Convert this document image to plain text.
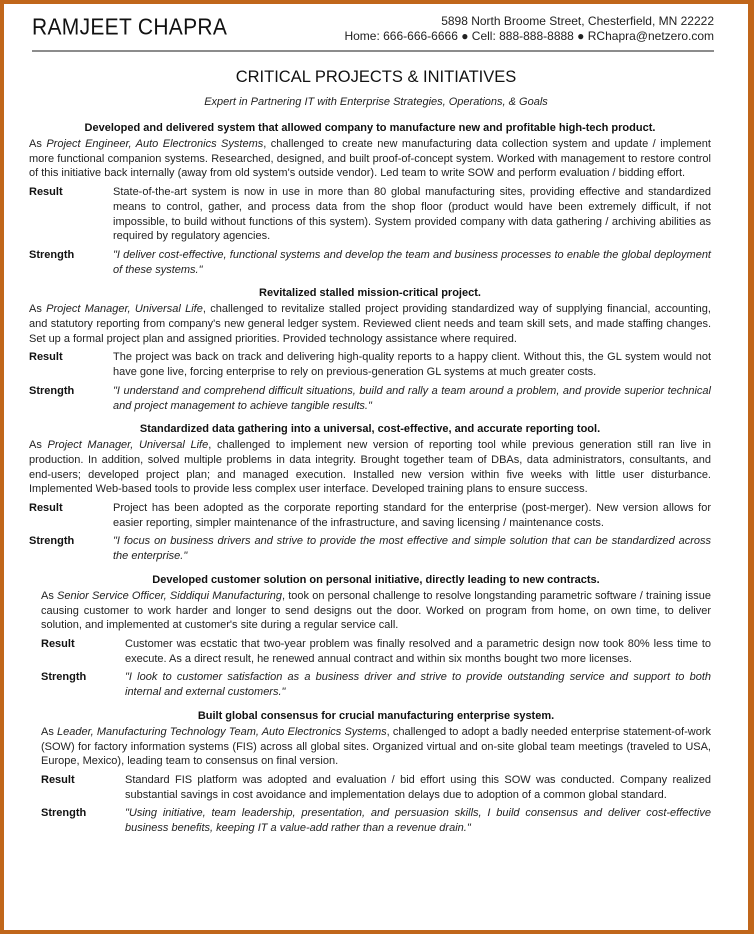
RAMJEET CHAPRA	5898 North Broome Street, Chesterfield, MN 22222
Home: 666-666-6666 ● Cell: 888-888-8888 ● RChapra@netzero.com
CRITICAL PROJECTS & INITIATIVES
Expert in Partnering IT with Enterprise Strategies, Operations, & Goals
Developed and delivered system that allowed company to manufacture new and profitable high-tech product.
As Project Engineer, Auto Electronics Systems, challenged to create new manufacturing data collection system and update / implement more functional companion systems. Researched, designed, and built proof-of-concept system. Worked with management to restore control of this initiative back internally (away from old system's outside vendor). Led team to write SOW and perform evaluation / bidding effort.
Result	State-of-the-art system is now in use in more than 80 global manufacturing sites, providing effective and standardized means to control, gather, and process data from the shop floor (product would have been extremely difficult, if not impossible, to build without functions of this system). System provided company with data gathering / archiving abilities as required by regulatory agencies.
Strength	"I deliver cost-effective, functional systems and develop the team and business processes to enable the global deployment of these systems."
Revitalized stalled mission-critical project.
As Project Manager, Universal Life, challenged to revitalize stalled project providing standardized way of supplying financial, accounting, and statutory reporting from company's new general ledger system. Reviewed client needs and team skill sets, and made staffing changes. Set up a formal project plan and assigned priorities. Provided technology assistance where required.
Result	The project was back on track and delivering high-quality reports to a happy client. Without this, the GL system would not have gone live, forcing enterprise to rely on previous-generation GL systems at much greater costs.
Strength	"I understand and comprehend difficult situations, build and rally a team around a problem, and provide superior technical and project management to achieve tangible results."
Standardized data gathering into a universal, cost-effective, and accurate reporting tool.
As Project Manager, Universal Life, challenged to implement new version of reporting tool while previous generation still ran live in production. In addition, solved multiple problems in data integrity. Brought together team of DBAs, data administrators, consultants, and end-users; developed project plan; and managed execution. Installed new version within five weeks with little user disturbance. Implemented Web-based tools to provide less complex user interface. Developed training plans to ensure success.
Result	Project has been adopted as the corporate reporting standard for the enterprise (post-merger). New version allows for easier reporting, simpler maintenance of the infrastructure, and saving licensing / maintenance costs.
Strength	"I focus on business drivers and strive to provide the most effective and simple solution that can be standardized across the enterprise."
Developed customer solution on personal initiative, directly leading to new contracts.
As Senior Service Officer, Siddiqui Manufacturing, took on personal challenge to resolve longstanding parametric software / training issue causing customer to work harder and longer to send designs out the door. Worked on program from home, on own time, to deliver solution, and implemented at customer's site during a regular service call.
Result	Customer was ecstatic that two-year problem was finally resolved and a parametric design now took 80% less time to execute. As a direct result, he renewed annual contract and within six months bought two more licenses.
Strength	"I look to customer satisfaction as a business driver and strive to provide outstanding service and support to both internal and external customers."
Built global consensus for crucial manufacturing enterprise system.
As Leader, Manufacturing Technology Team, Auto Electronics Systems, challenged to adopt a badly needed enterprise statement-of-work (SOW) for factory information systems (FIS) across all global sites. Organized virtual and on-site global team meetings (traveled to USA, Europe, Mexico), leading team to consensus on final version.
Result	Standard FIS platform was adopted and evaluation / bid effort using this SOW was conducted. Company realized substantial savings in cost avoidance and implementation delays due to adoption of a common global standard.
Strength	"Using initiative, team leadership, presentation, and persuasion skills, I build consensus and deliver cost-effective business benefits, keeping IT a value-add rather than a revenue drain."
